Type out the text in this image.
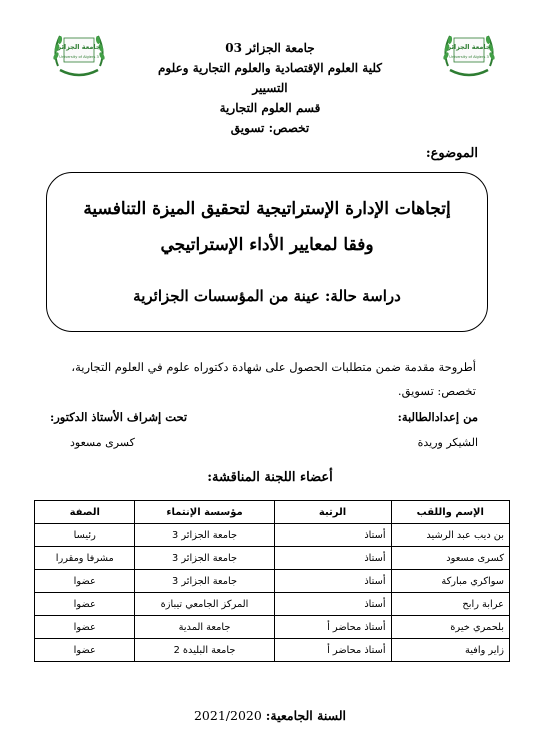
جامعة الجزائر
University of Algiers 3
جامعة الجزائر
University of Algiers 3
جامعة الجزائر 03
كلية العلوم الإقتصادية والعلوم التجارية وعلوم التسيير
قسم العلوم التجارية
تخصص: تسويق
الموضوع:
إتجاهات الإدارة الإستراتيجية لتحقيق الميزة التنافسية
وفقا لمعايير الأداء الإستراتيجي
دراسة حالة: عينة من المؤسسات الجزائرية
أطروحة مقدمة ضمن متطلبات الحصول على شهادة دكتوراه علوم في العلوم التجارية،
تخصص: تسويق.
من إعدادالطالبة:
الشيكر وريدة
تحت إشراف الأستاذ الدكتور:
كسرى مسعود
أعضاء اللجنة المناقشة:
الإسم واللقب	الرتبة	مؤسسة الإنتماء	الصفة
بن ديب عبد الرشيد	أستاذ	جامعة الجزائر 3	رئيسا
كسرى مسعود	أستاذ	جامعة الجزائر 3	مشرفا ومقررا
سواكري مباركة	أستاذ	جامعة الجزائر 3	عضوا
عرابة رابح	أستاذ	المركز الجامعي تيبازة	عضوا
بلحمري خيرة	أستاذ محاضر أ	جامعة المدية	عضوا
زاير وافية	أستاذ محاضر أ	جامعة البليدة 2	عضوا
السنة الجامعية: 2021/2020
